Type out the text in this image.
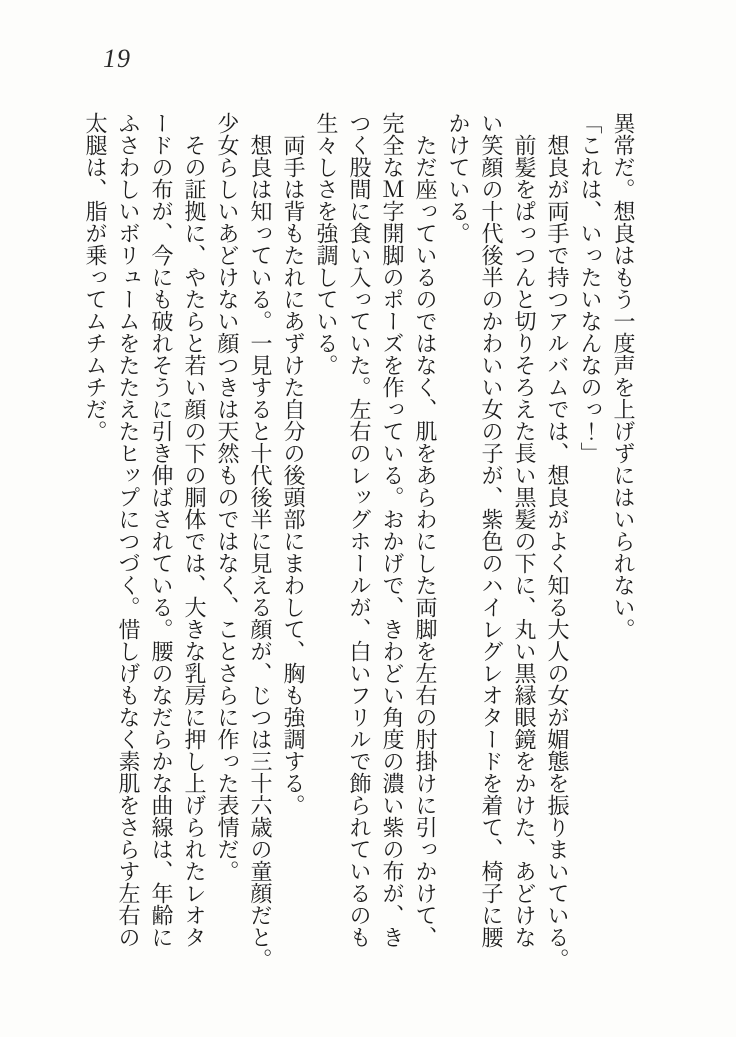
19

異常だ。想良はもう一度声を上げずにはいられない。

「これは、いったいなんなのっ！」

想良が両手で持つアルバムでは、想良がよく知る大人の女が媚態を振りまいている。

前髪をぱっつんと切りそろえた長い黒髪の下に、丸い黒縁眼鏡をかけた、あどけな

い笑顔の十代後半のかわいい女の子が、紫色のハイレグレオタードを着て、椅子に腰

かけている。

ただ座っているのではなく、肌をあらわにした両脚を左右の肘掛けに引っかけて、

完全なＭ字開脚のポーズを作っている。おかげで、きわどい角度の濃い紫の布が、き

つく股間に食い入っていた。左右のレッグホールが、白いフリルで飾られているのも

生々しさを強調している。

両手は背もたれにあずけた自分の後頭部にまわして、胸も強調する。

想良は知っている。一見すると十代後半に見える顔が、じつは三十六歳の童顔だと。

少女らしいあどけない顔つきは天然ものではなく、ことさらに作った表情だ。

その証拠に、やたらと若い顔の下の胴体では、大きな乳房に押し上げられたレオタ

ードの布が、今にも破れそうに引き伸ばされている。腰のなだらかな曲線は、年齢に

ふさわしいボリュームをたたえたヒップにつづく。惜しげもなく素肌をさらす左右の

太腿は、脂が乗ってムチムチだ。
